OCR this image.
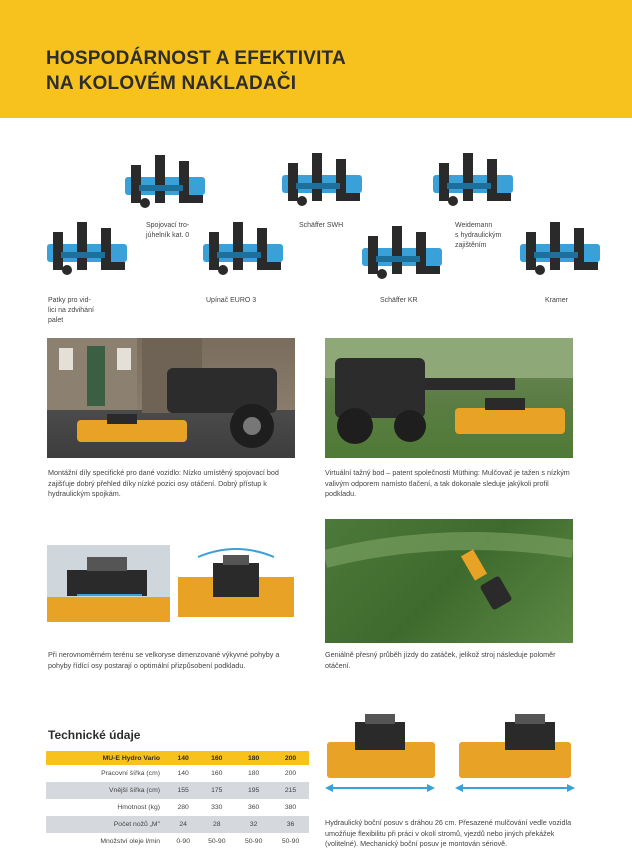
HOSPODÁRNOST A EFEKTIVITA
NA KOLOVÉM NAKLADAČI
Spojovací tro-
júhelník kat. 0
Schäffer SWH	Weidemann
s hydraulickým
zajištěním
Patky pro vid-
lici na zdvihání
palet
Upínač EURO 3	Schäffer KR	Kramer
Montážní díly specifické pro dané vozidlo: Nízko umístěný spojovací bod zajišťuje dobrý přehled díky nízké pozici osy otáčení. Dobrý přístup k hydraulickým spojkám.
Virtuální tažný bod – patent společnosti Müthing: Mulčovač je tažen s nízkým valivým odporem namísto tlačení, a tak dokonale sleduje jakýkoli profil podkladu.
Při nerovnoměrném terénu se velkoryse dimenzované výkyvné pohyby a pohyby řídící osy postarají o optimální přizpůsobení podkladu.
Geniálně přesný průběh jízdy do zatáček, jelikož stroj následuje poloměr otáčení.
Technické údaje
MU-E Hydro Vario	140	160	180	200
Pracovní šířka (cm)	140	160	180	200
Vnější šířka (cm)	155	175	195	215
Hmotnost (kg)	280	330	360	380
Počet nožů „M"	24	28	32	36
Množství oleje l/min	0-90	50-90	50-90	50-90
Hydraulický boční posuv s dráhou 26 cm. Přesazené mulčování vedle vozidla umožňuje flexibilitu při práci v okolí stromů, vjezdů nebo jiných překážek (volitelné). Mechanický boční posuv je montován sériově.
